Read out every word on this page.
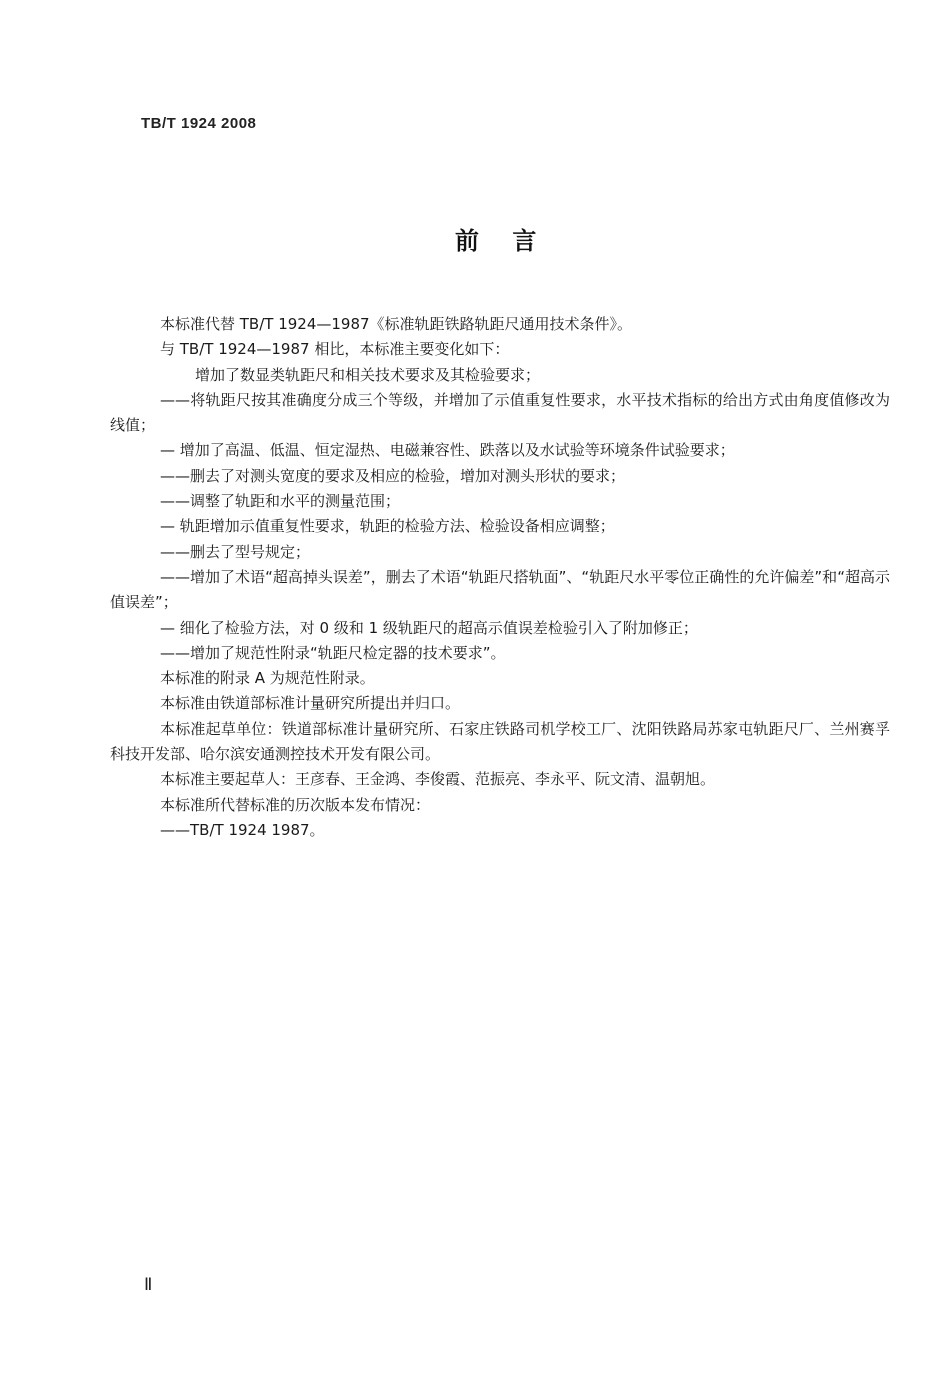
TB/T 1924 2008
前    言

本标准代替 TB/T 1924—1987《标准轨距铁路轨距尺通用技术条件》。

与 TB/T 1924—1987 相比，本标准主要变化如下：

增加了数显类轨距尺和相关技术要求及其检验要求；

——将轨距尺按其准确度分成三个等级，并增加了示值重复性要求，水平技术指标的给出方式由角度值修改为线值；

— 增加了高温、低温、恒定湿热、电磁兼容性、跌落以及水试验等环境条件试验要求；

——删去了对测头宽度的要求及相应的检验，增加对测头形状的要求；

——调整了轨距和水平的测量范围；

— 轨距增加示值重复性要求，轨距的检验方法、检验设备相应调整；

——删去了型号规定；

——增加了术语“超高掉头误差”，删去了术语“轨距尺搭轨面”、“轨距尺水平零位正确性的允许偏差”和“超高示值误差”；

— 细化了检验方法，对 0 级和 1 级轨距尺的超高示值误差检验引入了附加修正；

——增加了规范性附录“轨距尺检定器的技术要求”。

本标准的附录 A 为规范性附录。

本标准由铁道部标准计量研究所提出并归口。

本标准起草单位：铁道部标准计量研究所、石家庄铁路司机学校工厂、沈阳铁路局苏家屯轨距尺厂、兰州赛孚科技开发部、哈尔滨安通测控技术开发有限公司。

本标准主要起草人：王彦春、王金鸿、李俊霞、范振亮、李永平、阮文清、温朝旭。

本标准所代替标准的历次版本发布情况：

——TB/T 1924 1987。

Ⅱ
